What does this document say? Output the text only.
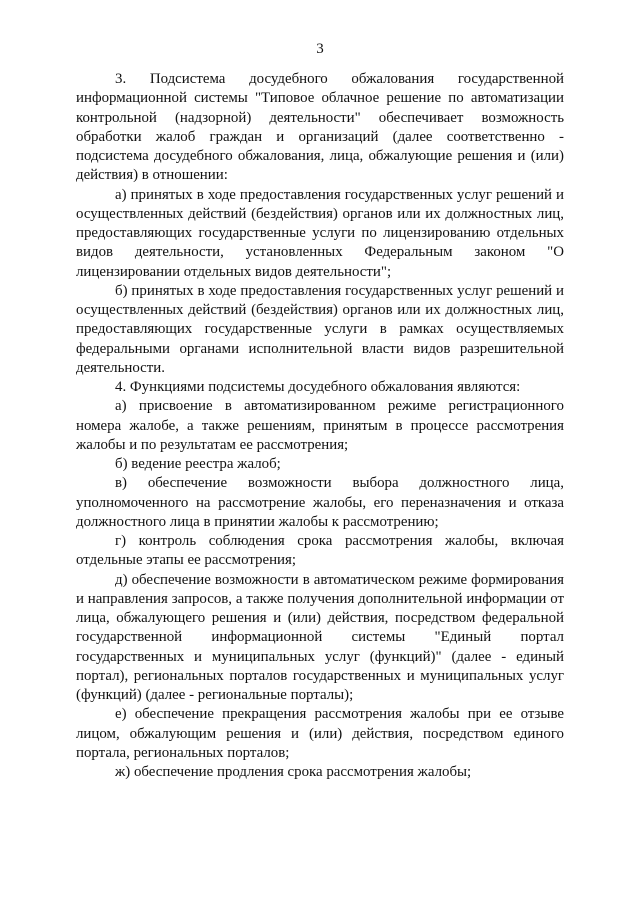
3

3. Подсистема досудебного обжалования государственной информационной системы "Типовое облачное решение по автоматизации контрольной (надзорной) деятельности" обеспечивает возможность обработки жалоб граждан и организаций (далее соответственно - подсистема досудебного обжалования, лица, обжалующие решения и (или) действия) в отношении:

а) принятых в ходе предоставления государственных услуг решений и осуществленных действий (бездействия) органов или их должностных лиц, предоставляющих государственные услуги по лицензированию отдельных видов деятельности, установленных Федеральным законом "О лицензировании отдельных видов деятельности";

б) принятых в ходе предоставления государственных услуг решений и осуществленных действий (бездействия) органов или их должностных лиц, предоставляющих государственные услуги в рамках осуществляемых федеральными органами исполнительной власти видов разрешительной деятельности.

4. Функциями подсистемы досудебного обжалования являются:

а) присвоение в автоматизированном режиме регистрационного номера жалобе, а также решениям, принятым в процессе рассмотрения жалобы и по результатам ее рассмотрения;

б) ведение реестра жалоб;

в) обеспечение возможности выбора должностного лица, уполномоченного на рассмотрение жалобы, его переназначения и отказа должностного лица в принятии жалобы к рассмотрению;

г) контроль соблюдения срока рассмотрения жалобы, включая отдельные этапы ее рассмотрения;

д) обеспечение возможности в автоматическом режиме формирования и направления запросов, а также получения дополнительной информации от лица, обжалующего решения и (или) действия, посредством федеральной государственной информационной системы "Единый портал государственных и муниципальных услуг (функций)" (далее - единый портал), региональных порталов государственных и муниципальных услуг (функций) (далее - региональные порталы);

е) обеспечение прекращения рассмотрения жалобы при ее отзыве лицом, обжалующим решения и (или) действия, посредством единого портала, региональных порталов;

ж) обеспечение продления срока рассмотрения жалобы;
